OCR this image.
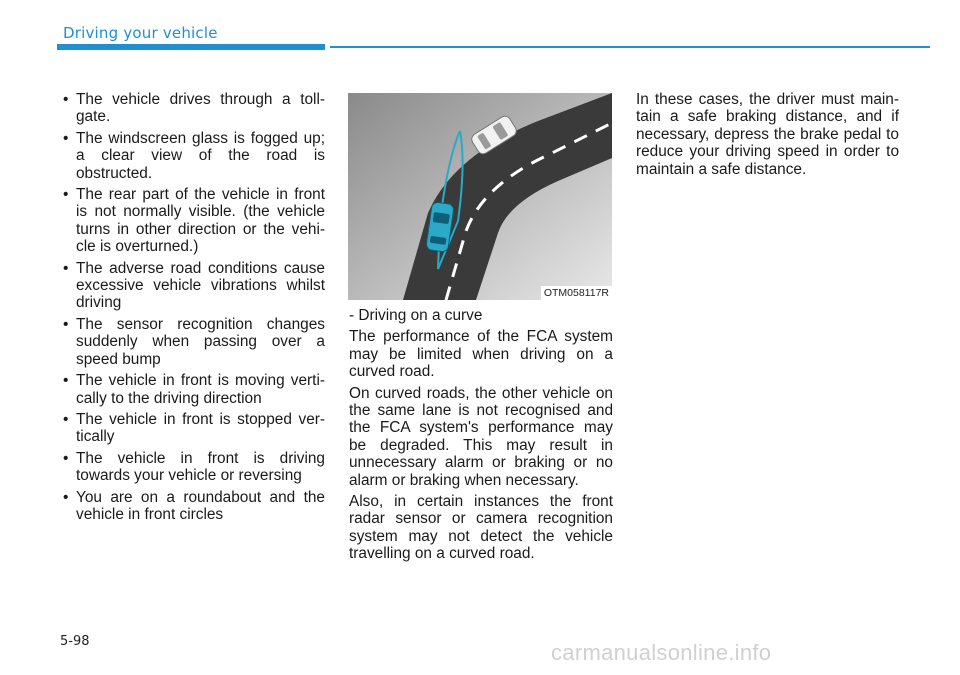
Driving your vehicle
• The vehicle drives through a toll-gate.
• The windscreen glass is fogged up; a clear view of the road is obstructed.
• The rear part of the vehicle in front is not normally visible. (the vehicle turns in other direction or the vehi-cle is overturned.)
• The adverse road conditions cause excessive vehicle vibrations whilst driving
• The sensor recognition changes suddenly when passing over a speed bump
• The vehicle in front is moving verti-cally to the driving direction
• The vehicle in front is stopped ver-tically
• The vehicle in front is driving towards your vehicle or reversing
• You are on a roundabout and the vehicle in front circles
OTM058117R

- Driving on a curve

The performance of the FCA system may be limited when driving on a curved road.

On curved roads, the other vehicle on the same lane is not recognised and the FCA system's performance may be degraded. This may result in unnecessary alarm or braking or no alarm or braking when necessary.

Also, in certain instances the front radar sensor or camera recognition system may not detect the vehicle travelling on a curved road.

In these cases, the driver must main-tain a safe braking distance, and if necessary, depress the brake pedal to reduce your driving speed in order to maintain a safe distance.

5-98	carmanualsonline.info
